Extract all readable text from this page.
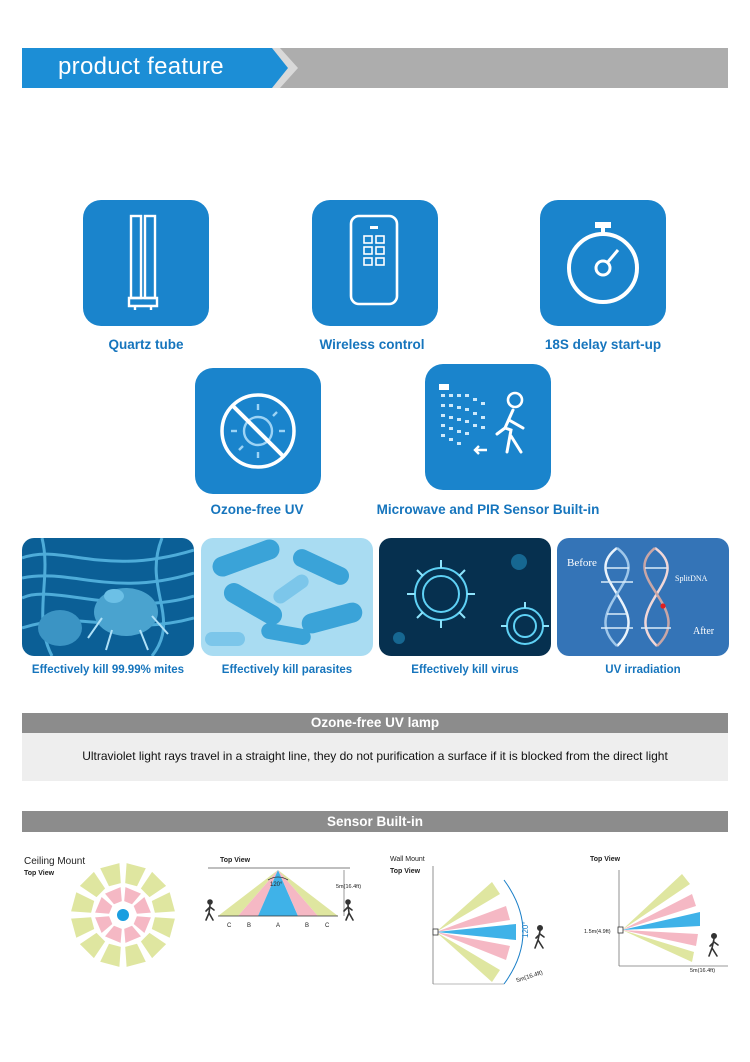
product feature
Quartz tube	Wireless control	18S delay start-up
Ozone-free UV	Microwave and PIR Sensor Built-in
Effectively kill 99.99% mites	Effectively kill parasites	Effectively kill virus
Before
SplitDNA
After
UV irradiation
Ozone-free UV lamp
Ultraviolet light rays travel in a straight line, they do not purification a surface if it is blocked from the direct light
Sensor Built-in
Ceiling Mount
Top View
Top View
120°	5m(16.4ft)
C	B	A	B	C
Wall Mount
Top View
120°
5m(16.4ft)
Top View
1.5m(4.9ft)
5m(16.4ft)
